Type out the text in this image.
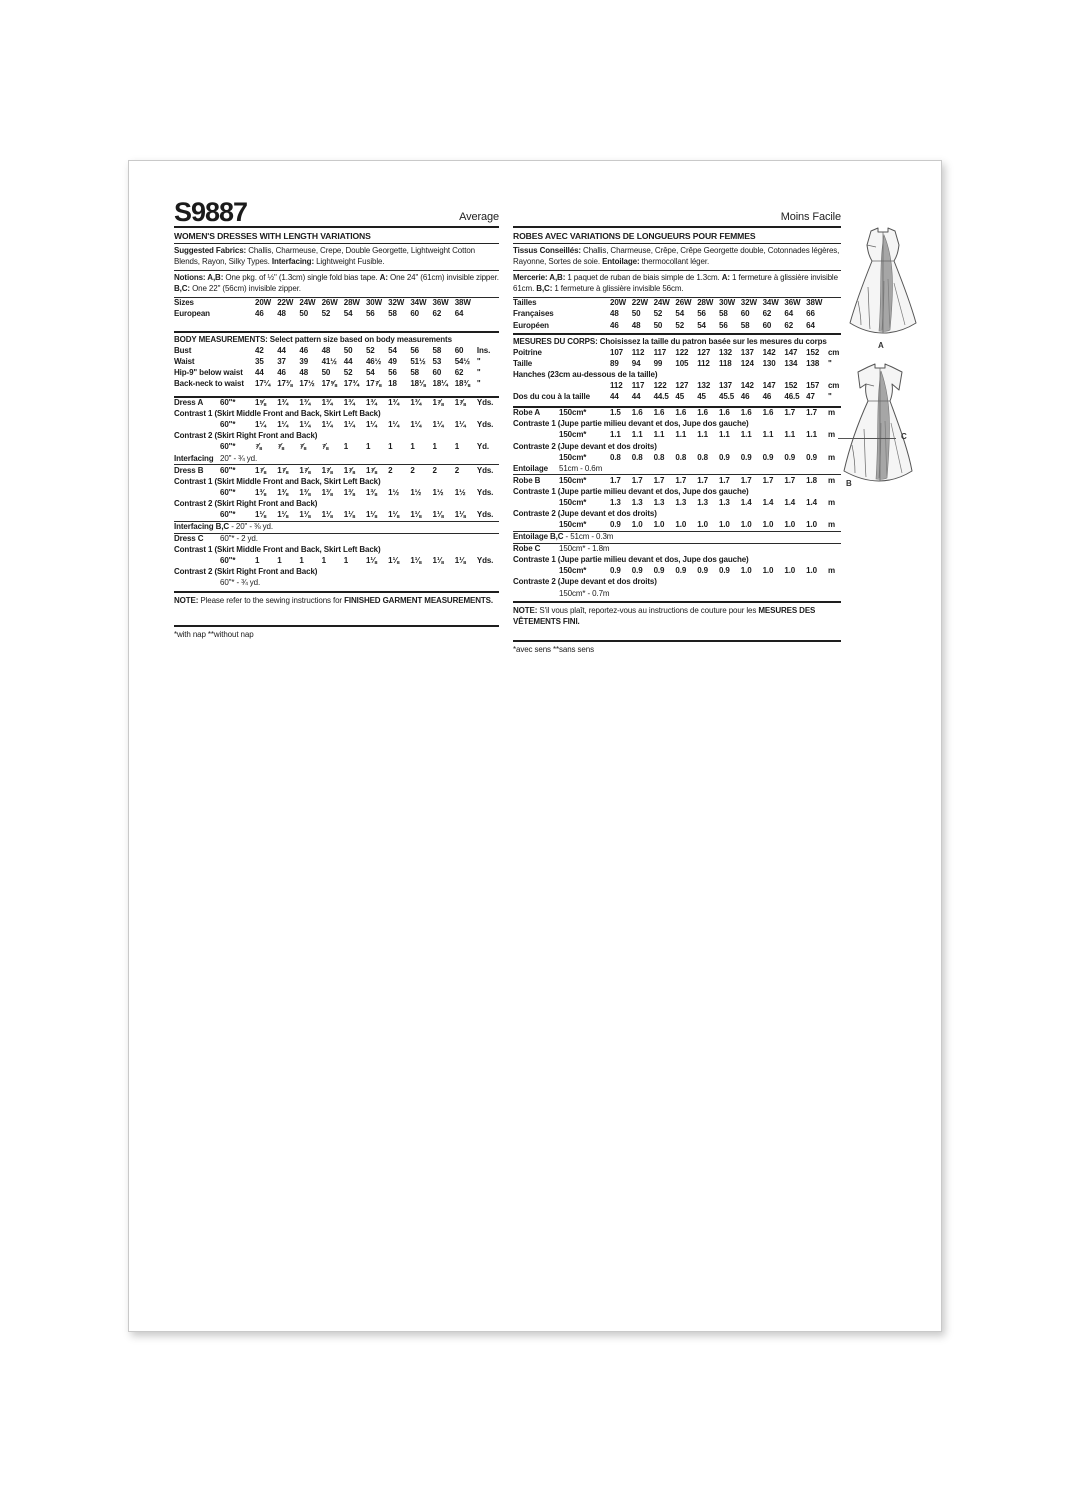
S9887	Average
WOMEN'S DRESSES WITH LENGTH VARIATIONS
Suggested Fabrics: Challis, Charmeuse, Crepe, Double Georgette, Lightweight Cotton Blends, Rayon, Silky Types. Interfacing: Lightweight Fusible.
Notions: A,B: One pkg. of ½" (1.3cm) single fold bias tape. A: One 24" (61cm) invisible zipper. B,C: One 22" (56cm) invisible zipper.
Sizes	20W 22W 24W 26W 28W 30W 32W 34W 36W 38W
European	46	48	50	52	54	56	58	60	62	64
BODY MEASUREMENTS: Select pattern size based on body measurements
Bust	42	44	46	48	50	52	54	56	58	60	Ins.
Waist	35	37	39	41½ 44	46½ 49	51½ 53	54½ "
Hip-9" below waist	44	46	48	50	52	54	56	58	60	62	"
Back-neck to waist	17¼ 17⅜ 17½ 17⅝ 17¾ 17⅞ 18	18⅛ 18¼ 18⅜ "
Dress A	60"*	1⅝	1¾	1¾	1¾	1¾	1¾	1¾	1¾	1⅞	1⅞	Yds.
Contrast 1 (Skirt Middle Front and Back, Skirt Left Back)
60"*	1¼	1¼	1¼	1¼	1¼	1¼	1¼	1¼	1¼	1¼	Yds.
Contrast 2 (Skirt Right Front and Back)
60"*	⅞	⅞	⅞	⅞	1	1	1	1	1	1	Yd.
Interfacing 20" - ¾ yd.
Dress B	60"*	1⅞	1⅞	1⅞	1⅞	1⅞	1⅞	2	2	2	2	Yds.
Contrast 1 (Skirt Middle Front and Back, Skirt Left Back)
60"*	1⅜	1⅜	1⅜	1⅜	1⅜	1⅜	1½	1½	1½	1½	Yds.
Contrast 2 (Skirt Right Front and Back)
60"*	1⅛	1⅛	1⅛	1⅛	1⅛	1⅛	1⅛	1⅛	1⅛	1⅛	Yds.
Interfacing B,C - 20" - ⅜ yd.
Dress C	60"* - 2 yd.
Contrast 1 (Skirt Middle Front and Back, Skirt Left Back)
60"*	1	1	1	1	1	1⅛	1⅛	1⅛	1⅛	1⅛	Yds.
Contrast 2 (Skirt Right Front and Back)
60"* - ¾ yd.
NOTE: Please refer to the sewing instructions for FINISHED GARMENT MEASUREMENTS.
*with nap **without nap
Moins Facile
ROBES AVEC VARIATIONS DE LONGUEURS POUR FEMMES
Tissus Conseillés: Challis, Charmeuse, Crêpe, Crêpe Georgette double, Cotonnades légères, Rayonne, Sortes de soie. Entoilage: thermocollant léger.
Mercerie: A,B: 1 paquet de ruban de biais simple de 1.3cm. A: 1 fermeture à glissière invisible 61cm. B,C: 1 fermeture à glissière invisible 56cm.
Tailles	20W 22W 24W 26W 28W 30W 32W 34W 36W 38W
Françaises	48	50	52	54	56	58	60	62	64	66
Européen	46	48	50	52	54	56	58	60	62	64
MESURES DU CORPS: Choisissez la taille du patron basée sur les mesures du corps
Poitrine	107	112	117	122	127	132	137	142	147	152	cm
Taille	89	94	99	105	112	118	124	130	134	138	"
Hanches (23cm au-dessous de la taille)
112	117	122	127	132	137	142	147	152	157	cm
Dos du cou à la taille	44	44	44.5 45	45	45.5 46	46	46.5 47	"
Robe A	150cm*	1.5	1.6	1.6	1.6	1.6	1.6	1.6	1.6	1.7	1.7	m
Contraste 1 (Jupe partie milieu devant et dos, Jupe dos gauche)
150cm*	1.1	1.1	1.1	1.1	1.1	1.1	1.1	1.1	1.1	1.1	m
Contraste 2 (Jupe devant et dos droits)
150cm*	0.8	0.8	0.8	0.8	0.8	0.9	0.9	0.9	0.9	0.9	m
Entoilage	51cm - 0.6m
Robe B	150cm*	1.7	1.7	1.7	1.7	1.7	1.7	1.7	1.7	1.7	1.8	m
Contraste 1 (Jupe partie milieu devant et dos, Jupe dos gauche)
150cm*	1.3	1.3	1.3	1.3	1.3	1.3	1.4	1.4	1.4	1.4	m
Contraste 2 (Jupe devant et dos droits)
150cm*	0.9	1.0	1.0	1.0	1.0	1.0	1.0	1.0	1.0	1.0	m
Entoilage B,C - 51cm - 0.3m
Robe C	150cm* - 1.8m
Contraste 1 (Jupe partie milieu devant et dos, Jupe dos gauche)
150cm*	0.9	0.9	0.9	0.9	0.9	0.9	1.0	1.0	1.0	1.0	m
Contraste 2 (Jupe devant et dos droits)
150cm* - 0.7m
NOTE: S'il vous plaît, reportez-vous au instructions de couture pour les MESURES DES VÊTEMENTS FINI.
*avec sens **sans sens
A
B
C
